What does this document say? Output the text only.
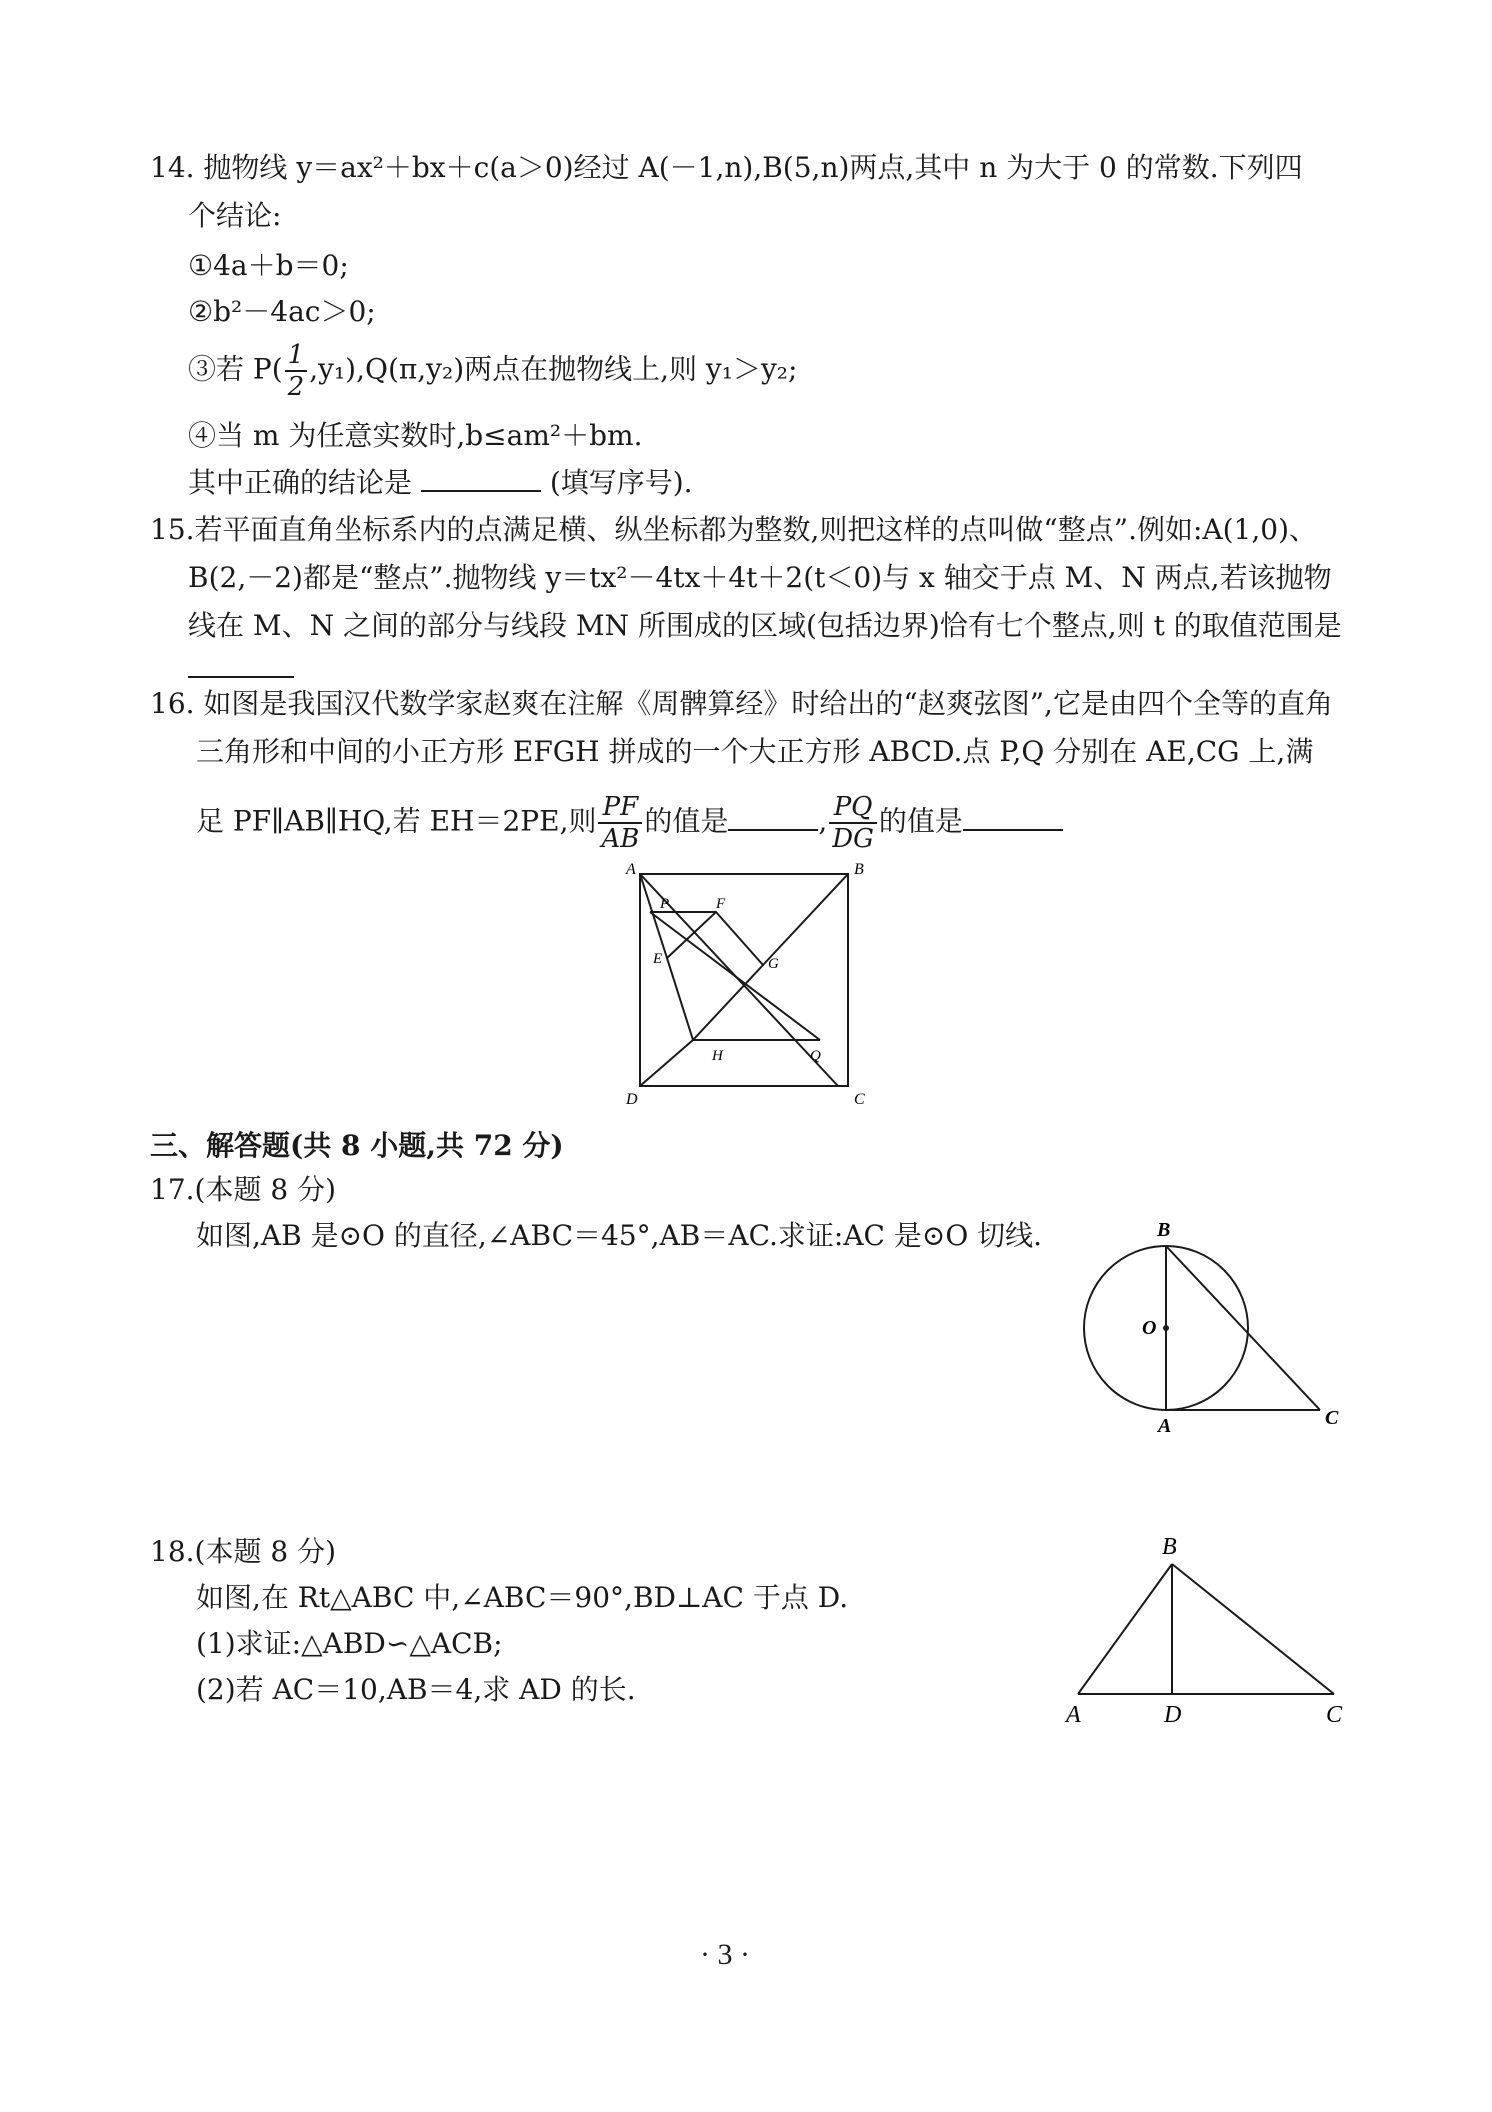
14. 抛物线 y＝ax²＋bx＋c(a＞0)经过 A(－1,n),B(5,n)两点,其中 n 为大于 0 的常数.下列四
个结论:
①4a＋b＝0;
②b²－4ac＞0;
③若 $P( \frac{1}{2} ,y_1),Q(\pi,y_2)$两点在抛物线上,则 y₁＞y₂;
④当 m 为任意实数时,b≤am²＋bm.
其中正确的结论是	(填写序号).
15.若平面直角坐标系内的点满足横、纵坐标都为整数,则把这样的点叫做“整点”.例如:A(1,0)、
B(2,－2)都是“整点”.抛物线 y＝tx²－4tx＋4t＋2(t＜0)与 x 轴交于点 M、N 两点,若该抛物
线在 M、N 之间的部分与线段 MN 所围成的区域(包括边界)恰有七个整点,则 t 的取值范围是
16. 如图是我国汉代数学家赵爽在注解《周髀算经》时给出的“赵爽弦图”,它是由四个全等的直角
三角形和中间的小正方形 EFGH 拼成的一个大正方形 ABCD.点 P,Q 分别在 AE,CG 上,满
足 PF∥AB∥HQ,若 EH＝2PE,则 $\frac{PF}{AB}$ 的值是	, $\frac{PQ}{DG}$ 的值是
A	B
C
D
E
F
G
H
P
Q
三、解答题(共 8 小题,共 72 分)
17.(本题 8 分)
如图,AB 是⊙O 的直径,∠ABC＝45°,AB＝AC.求证:AC 是⊙O 切线.	B
O
A	C
18.(本题 8 分)
如图,在 Rt△ABC 中,∠ABC＝90°,BD⊥AC 于点 D.
(1)求证:△ABD∽△ACB;
(2)若 AC＝10,AB＝4,求 AD 的长.
B
A	D	C
· 3 ·
